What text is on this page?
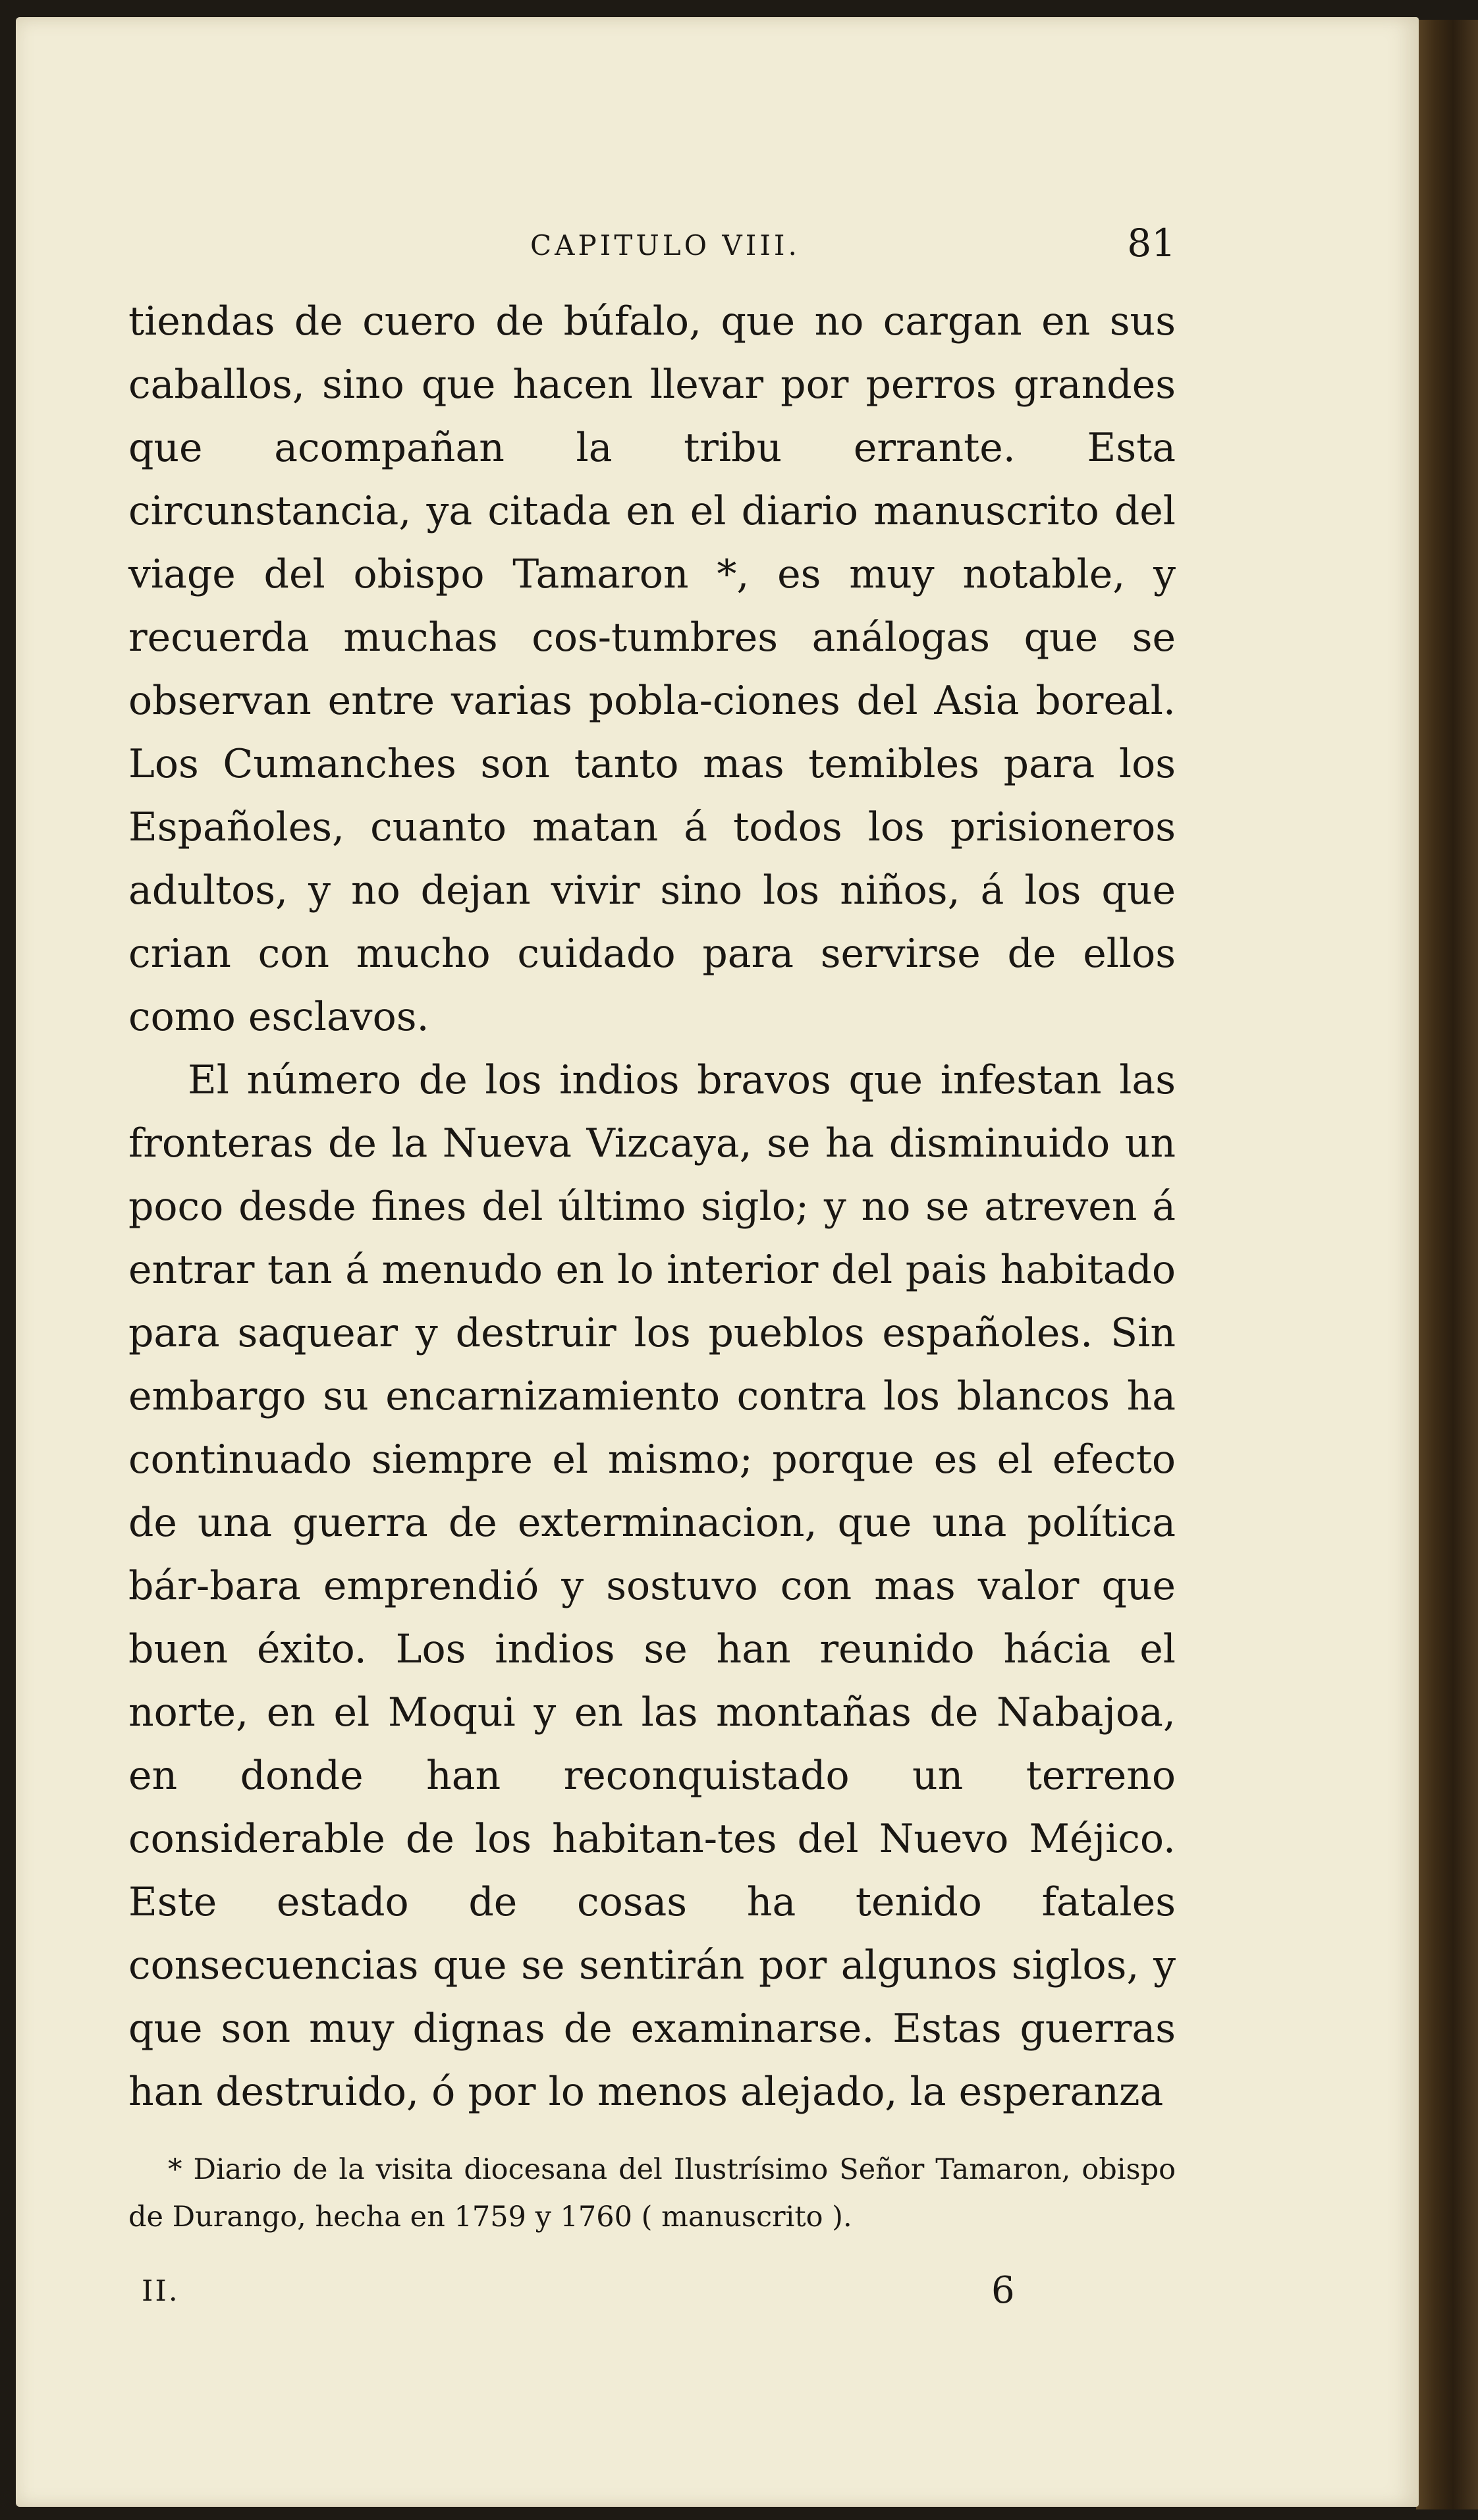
CAPITULO VIII.	81

tiendas de cuero de búfalo, que no cargan en sus caballos, sino que hacen llevar por perros grandes que acompañan la tribu errante. Esta circunstancia, ya citada en el diario manuscrito del viage del obispo Tamaron *, es muy notable, y recuerda muchas cos-tumbres análogas que se observan entre varias pobla-ciones del Asia boreal. Los Cumanches son tanto mas temibles para los Españoles, cuanto matan á todos los prisioneros adultos, y no dejan vivir sino los niños, á los que crian con mucho cuidado para servirse de ellos como esclavos.

El número de los indios bravos que infestan las fronteras de la Nueva Vizcaya, se ha disminuido un poco desde fines del último siglo; y no se atreven á entrar tan á menudo en lo interior del pais habitado para saquear y destruir los pueblos españoles. Sin embargo su encarnizamiento contra los blancos ha continuado siempre el mismo; porque es el efecto de una guerra de exterminacion, que una política bár-bara emprendió y sostuvo con mas valor que buen éxito. Los indios se han reunido hácia el norte, en el Moqui y en las montañas de Nabajoa, en donde han reconquistado un terreno considerable de los habitan-tes del Nuevo Méjico. Este estado de cosas ha tenido fatales consecuencias que se sentirán por algunos siglos, y que son muy dignas de examinarse. Estas guerras han destruido, ó por lo menos alejado, la esperanza

* Diario de la visita diocesana del Ilustrísimo Señor Tamaron, obispo de Durango, hecha en 1759 y 1760 ( manuscrito ).

II.	6
